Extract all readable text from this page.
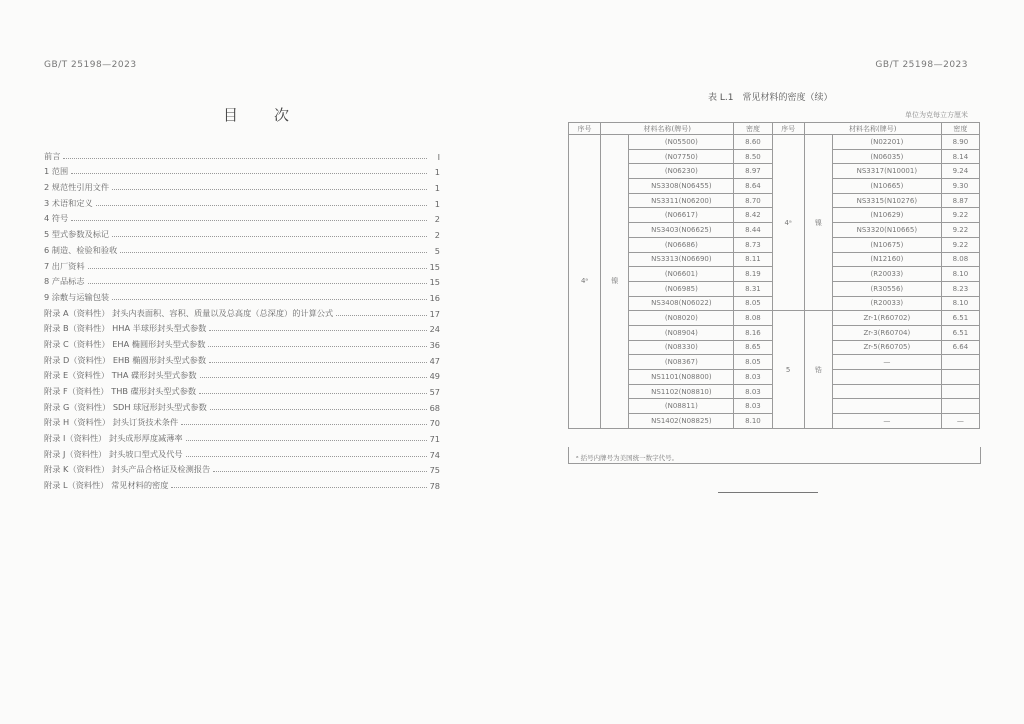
GB/T 25198—2023
目次
前言	I
1 范围	1
2 规范性引用文件	1
3 术语和定义	1
4 符号	2
5 型式参数及标记	2
6 制造、检验和验收	5
7 出厂资料	15
8 产品标志	15
9 涂敷与运输包装	16
附录 A（资料性） 封头内表面积、容积、质量以及总高度（总深度）的计算公式	17
附录 B（资料性） HHA 半球形封头型式参数	24
附录 C（资料性） EHA 椭圆形封头型式参数	36
附录 D（资料性） EHB 椭圆形封头型式参数	47
附录 E（资料性） THA 碟形封头型式参数	49
附录 F（资料性） THB 碟形封头型式参数	57
附录 G（资料性） SDH 球冠形封头型式参数	68
附录 H（资料性） 封头订货技术条件	70
附录 I（资料性） 封头成形厚度减薄率	71
附录 J（资料性） 封头坡口型式及代号	74
附录 K（资料性） 封头产品合格证及检测报告	75
附录 L（资料性） 常见材料的密度	78
GB/T 25198—2023
表 L.1　常见材料的密度（续）
单位为克每立方厘米
序号	材料名称(牌号)		密度	序号	材料名称(牌号)		密度
4ᵃ	镍	(N05500)	8.60	4ᵃ	镍	(N02201)	8.90
		(N07750)	8.50			(N06035)	8.14
		(N06230)	8.97			NS3317(N10001)	9.24
		NS3308(N06455)	8.64			(N10665)	9.30
		NS3311(N06200)	8.70			NS3315(N10276)	8.87
		(N06617)	8.42			(N10629)	9.22
		NS3403(N06625)	8.44			NS3320(N10665)	9.22
		(N06686)	8.73			(N10675)	9.22
		NS3313(N06690)	8.11			(N12160)	8.08
		(N06601)	8.19			(R20033)	8.10
		(N06985)	8.31			(R30556)	8.23
		NS3408(N06022)	8.05			(R20033)	8.10
		(N08020)	8.08	5	锆	Zr-1(R60702)	6.51
		(N08904)	8.16			Zr-3(R60704)	6.51
		(N08330)	8.65			Zr-5(R60705)	6.64
		(N08367)	8.05			—	
		NS1101(N08800)	8.03				
		NS1102(N08810)	8.03				
		(N08811)	8.03				
		NS1402(N08825)	8.10			—	—
ᵃ 括号内牌号为美国统一数字代号。
